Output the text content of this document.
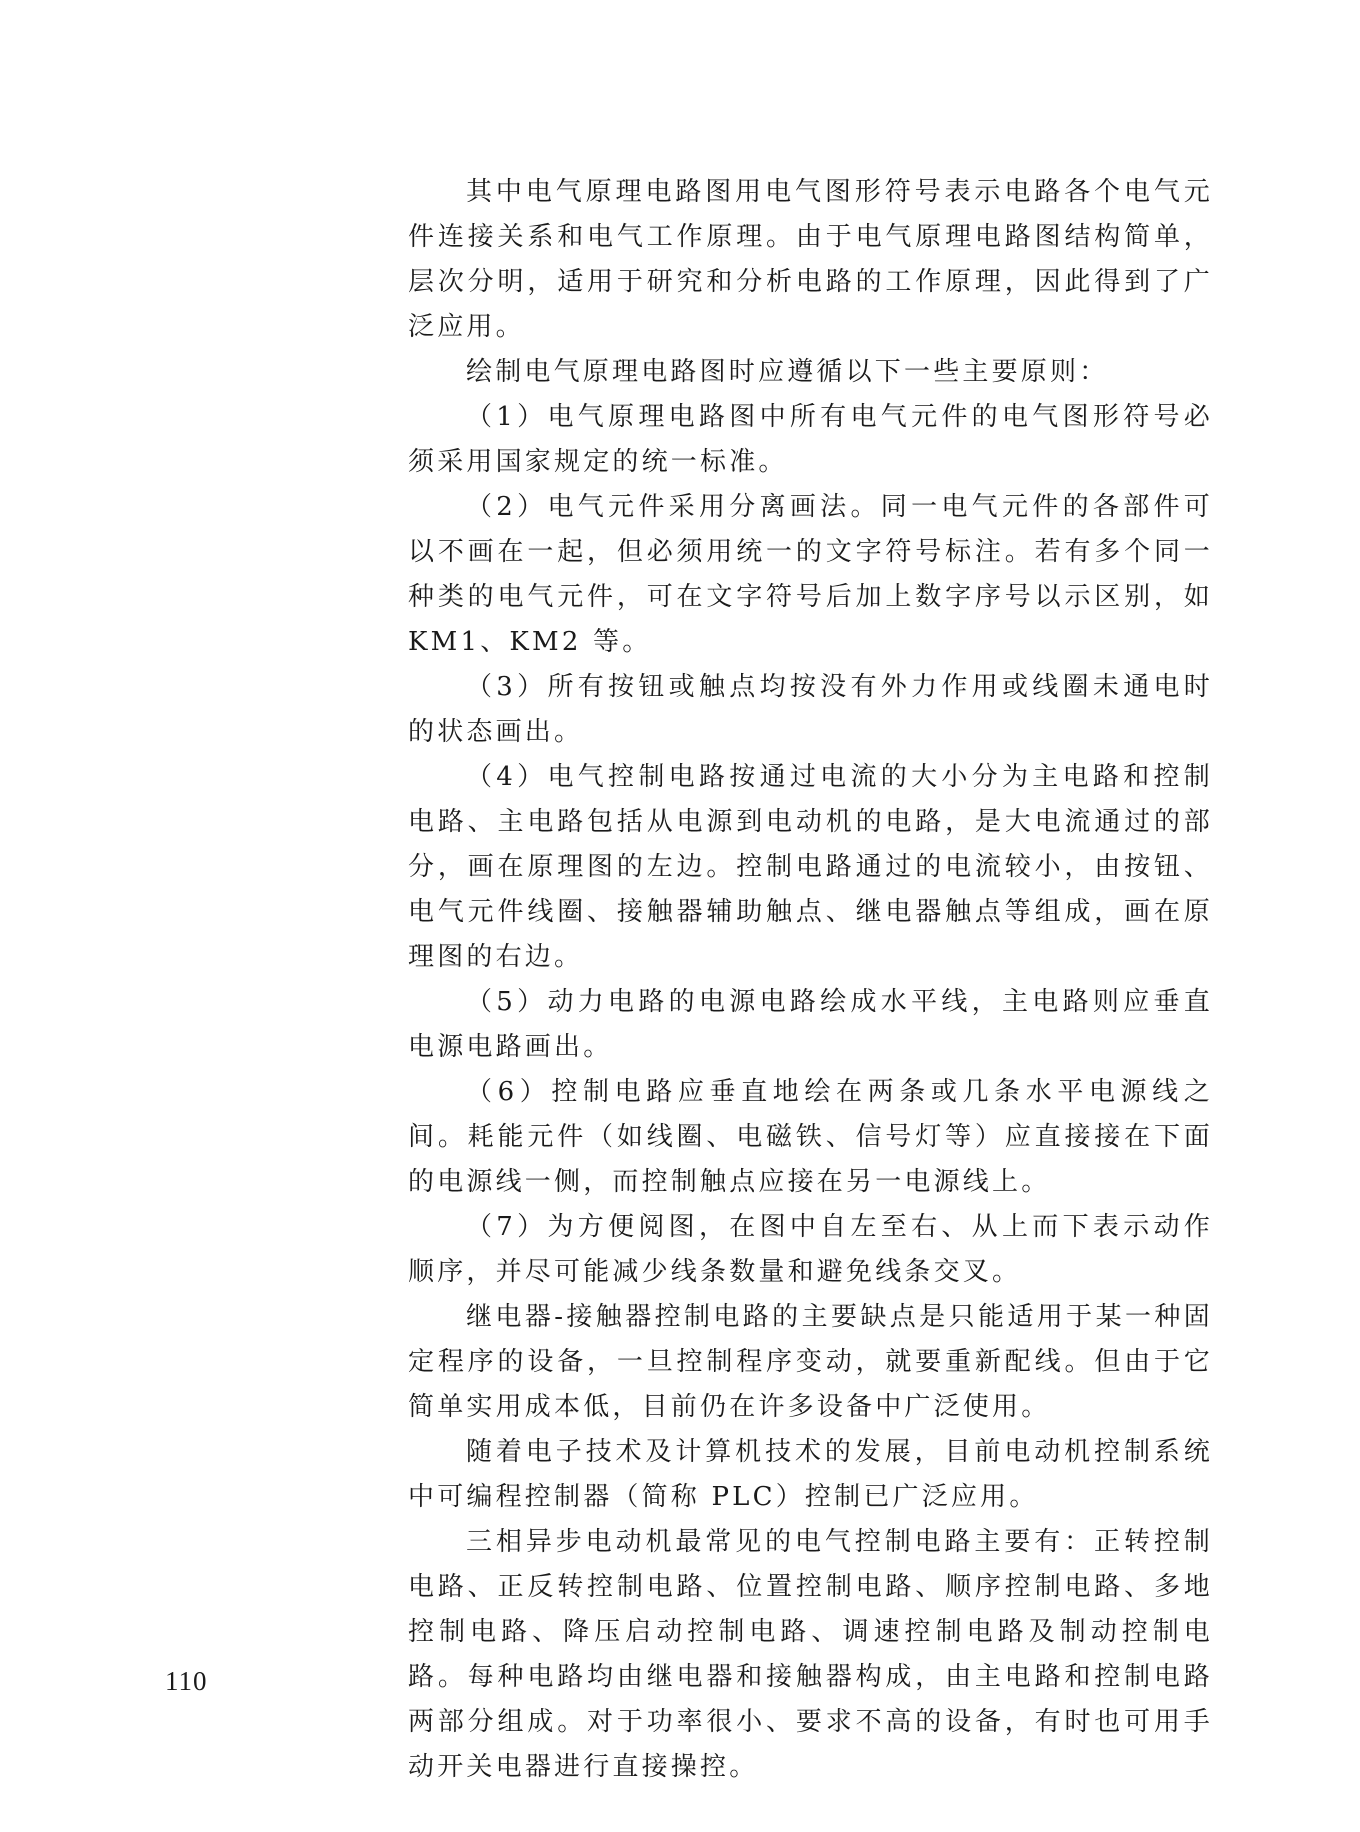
其中电气原理电路图用电气图形符号表示电路各个电气元件连接关系和电气工作原理。由于电气原理电路图结构简单，层次分明，适用于研究和分析电路的工作原理，因此得到了广泛应用。

绘制电气原理电路图时应遵循以下一些主要原则：

（1）电气原理电路图中所有电气元件的电气图形符号必须采用国家规定的统一标准。

（2）电气元件采用分离画法。同一电气元件的各部件可以不画在一起，但必须用统一的文字符号标注。若有多个同一种类的电气元件，可在文字符号后加上数字序号以示区别，如 KM1、KM2 等。

（3）所有按钮或触点均按没有外力作用或线圈未通电时的状态画出。

（4）电气控制电路按通过电流的大小分为主电路和控制电路、主电路包括从电源到电动机的电路，是大电流通过的部分，画在原理图的左边。控制电路通过的电流较小，由按钮、电气元件线圈、接触器辅助触点、继电器触点等组成，画在原理图的右边。

（5）动力电路的电源电路绘成水平线，主电路则应垂直电源电路画出。

（6）控制电路应垂直地绘在两条或几条水平电源线之间。耗能元件（如线圈、电磁铁、信号灯等）应直接接在下面的电源线一侧，而控制触点应接在另一电源线上。

（7）为方便阅图，在图中自左至右、从上而下表示动作顺序，并尽可能减少线条数量和避免线条交叉。

继电器-接触器控制电路的主要缺点是只能适用于某一种固定程序的设备，一旦控制程序变动，就要重新配线。但由于它简单实用成本低，目前仍在许多设备中广泛使用。

随着电子技术及计算机技术的发展，目前电动机控制系统中可编程控制器（简称 PLC）控制已广泛应用。

三相异步电动机最常见的电气控制电路主要有：正转控制电路、正反转控制电路、位置控制电路、顺序控制电路、多地控制电路、降压启动控制电路、调速控制电路及制动控制电路。每种电路均由继电器和接触器构成，由主电路和控制电路两部分组成。对于功率很小、要求不高的设备，有时也可用手动开关电器进行直接操控。

110
